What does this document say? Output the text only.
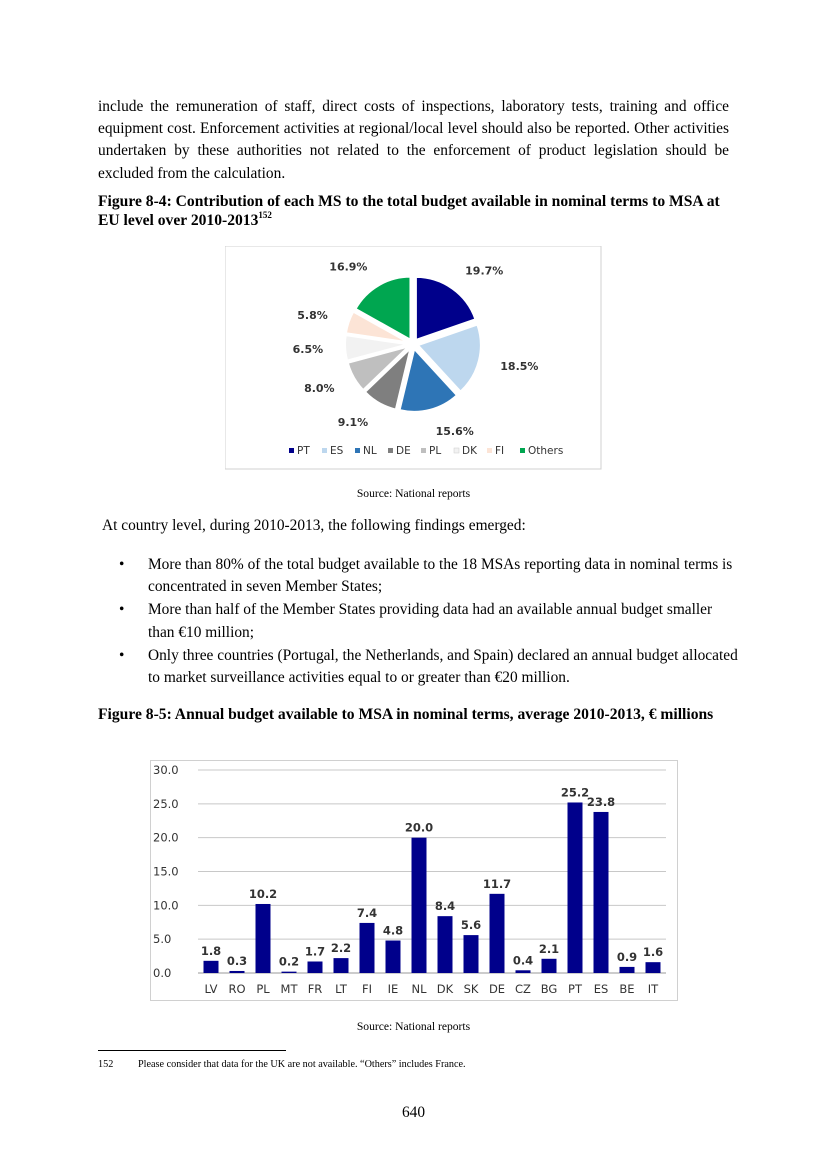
include the remuneration of staff, direct costs of inspections, laboratory tests, training and office equipment cost. Enforcement activities at regional/local level should also be reported. Other activities undertaken by these authorities not related to the enforcement of product legislation should be excluded from the calculation.
Figure 8-4: Contribution of each MS to the total budget available in nominal terms to MSA at EU level over 2010-2013$^{152}$
19.7%
18.5%
15.6%
9.1%
8.0%
6.5%
5.8%
16.9%
PT ES NL DE PL DK FI Others
Source: National reports
At country level, during 2010-2013, the following findings emerged:
• More than 80% of the total budget available to the 18 MSAs reporting data in nominal terms is concentrated in seven Member States;
• More than half of the Member States providing data had an available annual budget smaller than €10 million;
• Only three countries (Portugal, the Netherlands, and Spain) declared an annual budget allocated to market surveillance activities equal to or greater than €20 million.
Figure 8-5: Annual budget available to MSA in nominal terms, average 2010-2013, € millions
0.0
5.0
10.0
15.0
20.0
25.0
30.0
1.8
LV
0.3
RO
10.2
PL
0.2
MT
1.7
FR
2.2
LT
7.4
FI
4.8
IE
20.0
NL
8.4
DK
5.6
SK
11.7
DE
0.4
CZ
2.1
BG
25.2
PT
23.8
ES
0.9
BE
1.6
IT
Source: National reports
152 Please consider that data for the UK are not available. “Others” includes France.
640
